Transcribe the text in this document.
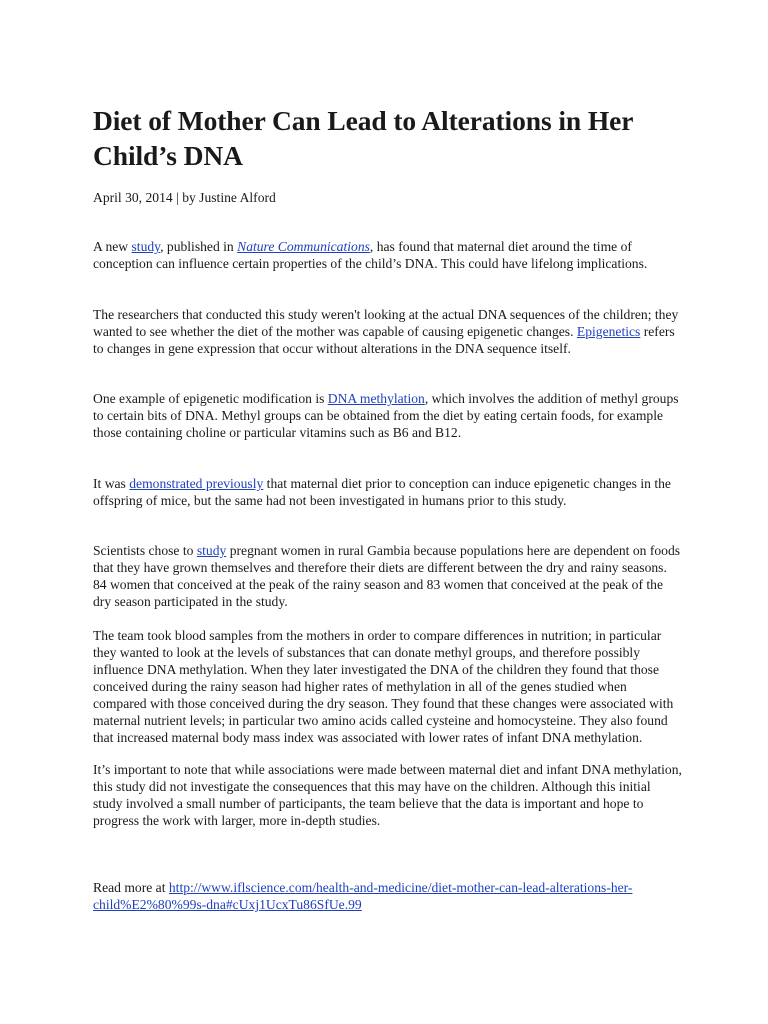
Diet of Mother Can Lead to Alterations in Her Child’s DNA

April 30, 2014 | by Justine Alford

A new study, published in Nature Communications, has found that maternal diet around the time of conception can influence certain properties of the child’s DNA. This could have lifelong implications.

The researchers that conducted this study weren't looking at the actual DNA sequences of the children; they wanted to see whether the diet of the mother was capable of causing epigenetic changes. Epigenetics refers to changes in gene expression that occur without alterations in the DNA sequence itself.

One example of epigenetic modification is DNA methylation, which involves the addition of methyl groups to certain bits of DNA. Methyl groups can be obtained from the diet by eating certain foods, for example those containing choline or particular vitamins such as B6 and B12.

It was demonstrated previously that maternal diet prior to conception can induce epigenetic changes in the offspring of mice, but the same had not been investigated in humans prior to this study.

Scientists chose to study pregnant women in rural Gambia because populations here are dependent on foods that they have grown themselves and therefore their diets are different between the dry and rainy seasons. 84 women that conceived at the peak of the rainy season and 83 women that conceived at the peak of the dry season participated in the study.

The team took blood samples from the mothers in order to compare differences in nutrition; in particular they wanted to look at the levels of substances that can donate methyl groups, and therefore possibly influence DNA methylation. When they later investigated the DNA of the children they found that those conceived during the rainy season had higher rates of methylation in all of the genes studied when compared with those conceived during the dry season. They found that these changes were associated with maternal nutrient levels; in particular two amino acids called cysteine and homocysteine. They also found that increased maternal body mass index was associated with lower rates of infant DNA methylation.

It’s important to note that while associations were made between maternal diet and infant DNA methylation, this study did not investigate the consequences that this may have on the children. Although this initial study involved a small number of participants, the team believe that the data is important and hope to progress the work with larger, more in-depth studies.

Read more at http://www.iflscience.com/health-and-medicine/diet-mother-can-lead-alterations-her-child%E2%80%99s-dna#cUxj1UcxTu86SfUe.99
